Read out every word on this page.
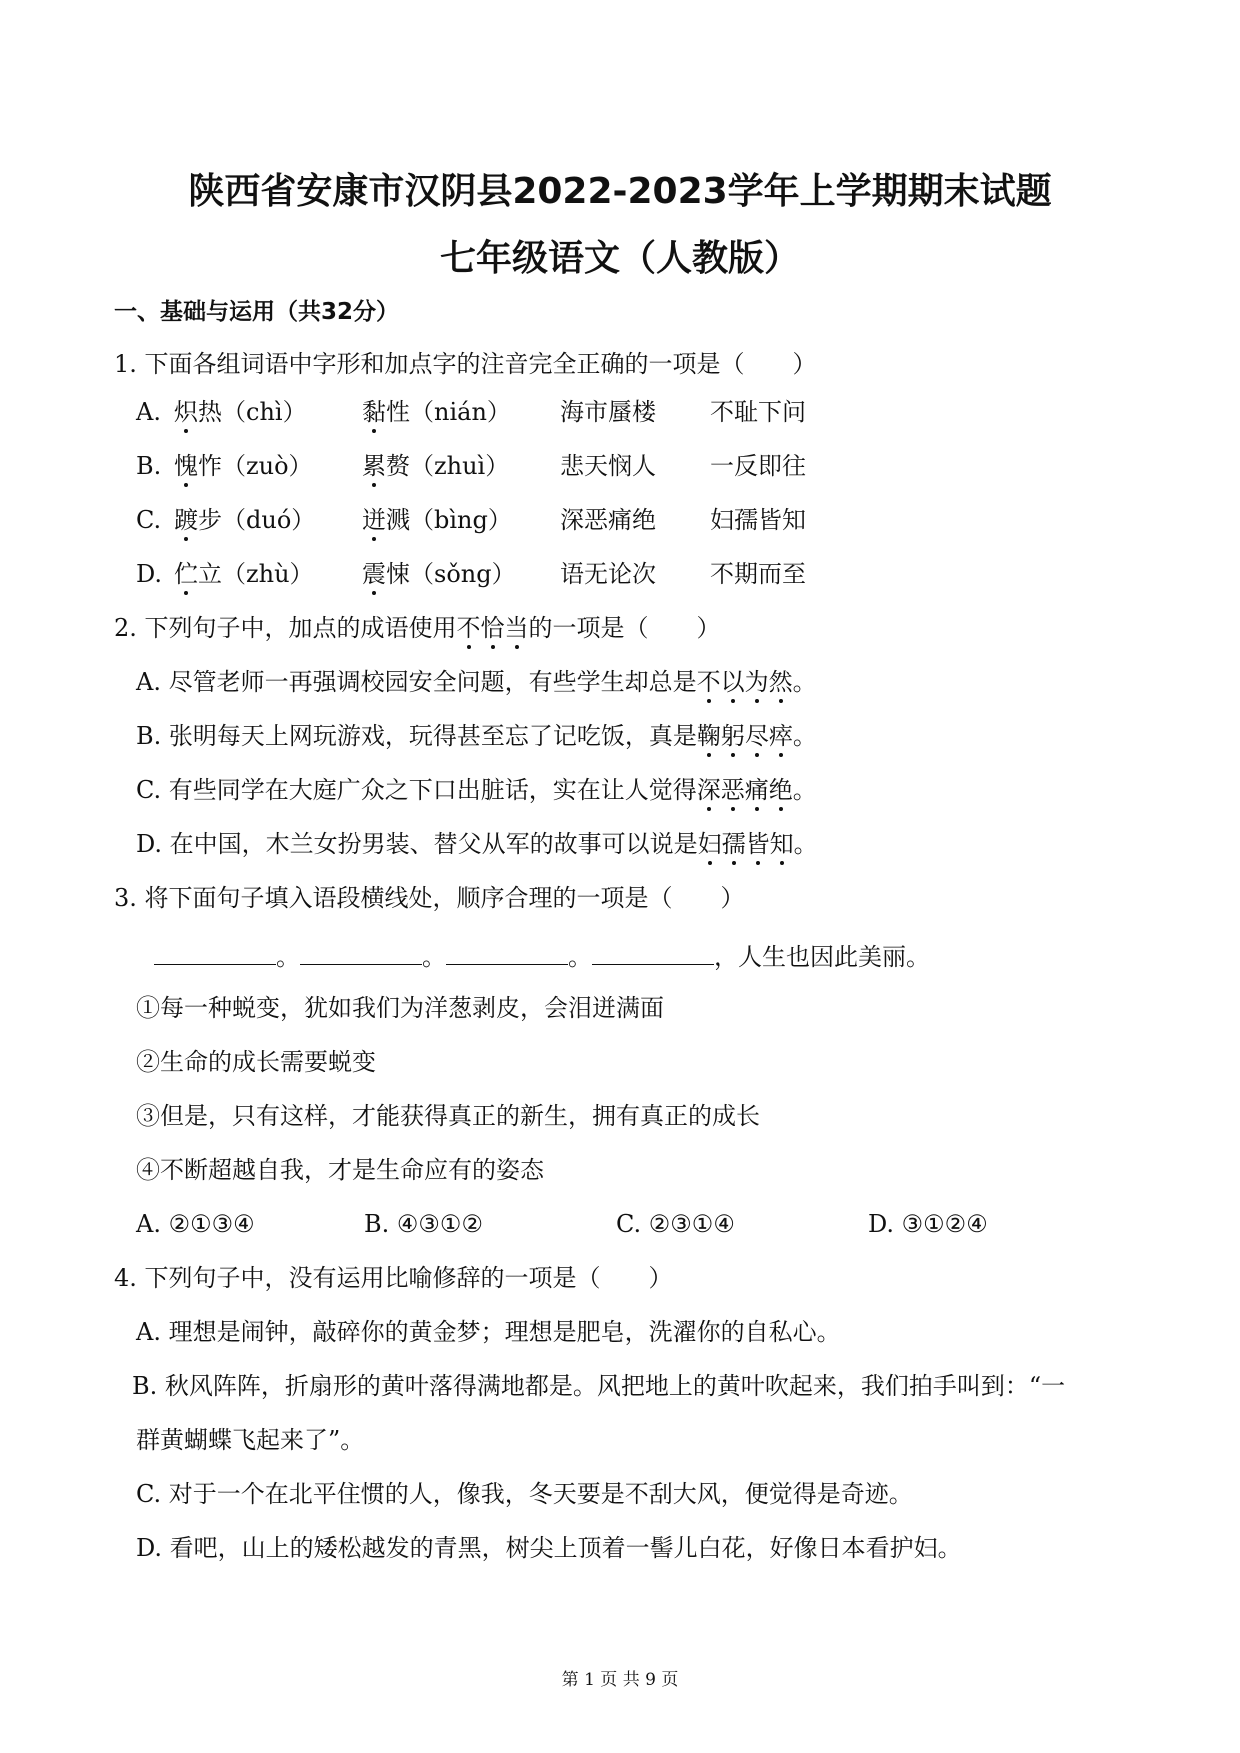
陕西省安康市汉阴县2022-2023学年上学期期末试题
七年级语文（人教版）
一、基础与运用（共32分）
1. 下面各组词语中字形和加点字的注音完全正确的一项是（　　）
A. 炽热（chì） 黏性（nián） 海市蜃楼 不耻下问
B. 愧怍（zuò） 累赘（zhuì） 悲天悯人 一反即往
C. 踱步（duó） 迸溅（bìng） 深恶痛绝 妇孺皆知
D. 伫立（zhù） 震悚（sǒng） 语无论次 不期而至
2. 下列句子中，加点的成语使用不恰当的一项是（　　）
A. 尽管老师一再强调校园安全问题，有些学生却总是不以为然。
B. 张明每天上网玩游戏，玩得甚至忘了记吃饭，真是鞠躬尽瘁。
C. 有些同学在大庭广众之下口出脏话，实在让人觉得深恶痛绝。
D. 在中国，木兰女扮男装、替父从军的故事可以说是妇孺皆知。
3. 将下面句子填入语段横线处，顺序合理的一项是（　　）
。	。	。	，人生也因此美丽。
①每一种蜕变，犹如我们为洋葱剥皮，会泪迸满面
②生命的成长需要蜕变
③但是，只有这样，才能获得真正的新生，拥有真正的成长
④不断超越自我，才是生命应有的姿态
A. ②①③④	B. ④③①②	C. ②③①④	D. ③①②④
4. 下列句子中，没有运用比喻修辞的一项是（　　）
A. 理想是闹钟，敲碎你的黄金梦；理想是肥皂，洗濯你的自私心。
B. 秋风阵阵，折扇形的黄叶落得满地都是。风把地上的黄叶吹起来，我们拍手叫到：“一
群黄蝴蝶飞起来了”。
C. 对于一个在北平住惯的人，像我，冬天要是不刮大风，便觉得是奇迹。
D. 看吧，山上的矮松越发的青黑，树尖上顶着一髻儿白花，好像日本看护妇。
第 1 页 共 9 页
